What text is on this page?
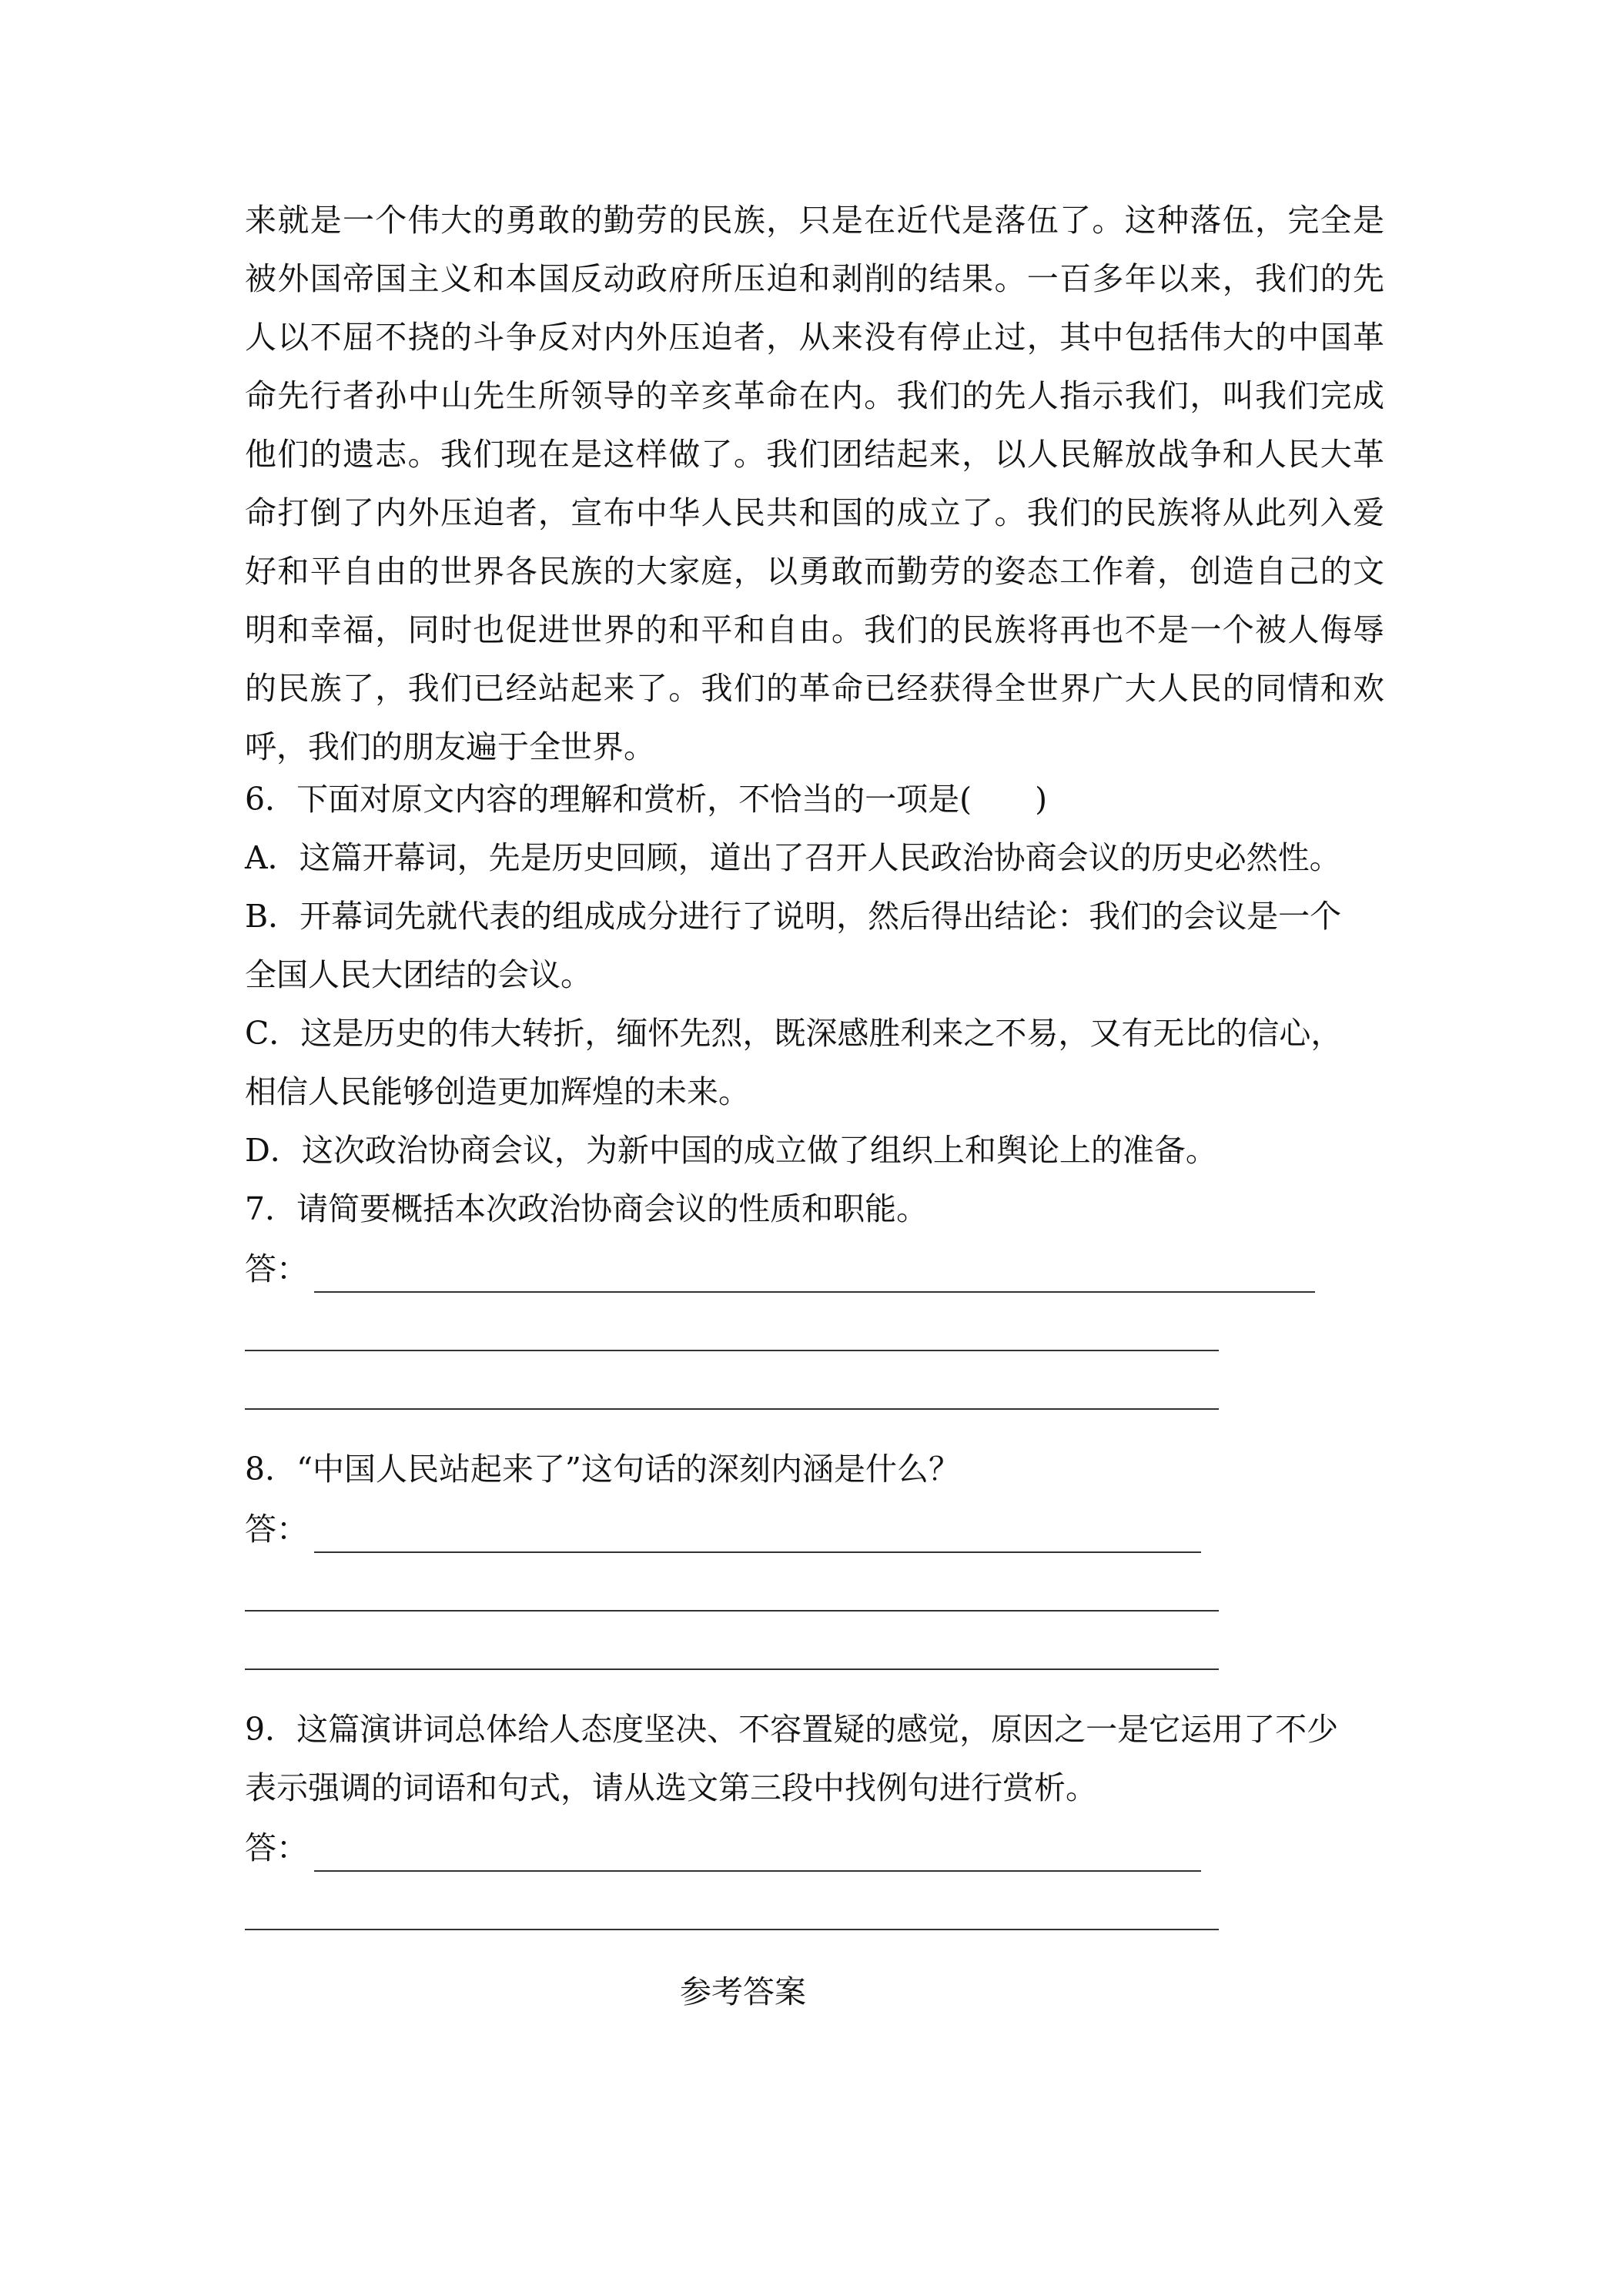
来就是一个伟大的勇敢的勤劳的民族，只是在近代是落伍了。这种落伍，完全是
被外国帝国主义和本国反动政府所压迫和剥削的结果。一百多年以来，我们的先
人以不屈不挠的斗争反对内外压迫者，从来没有停止过，其中包括伟大的中国革
命先行者孙中山先生所领导的辛亥革命在内。我们的先人指示我们，叫我们完成
他们的遗志。我们现在是这样做了。我们团结起来，以人民解放战争和人民大革
命打倒了内外压迫者，宣布中华人民共和国的成立了。我们的民族将从此列入爱
好和平自由的世界各民族的大家庭，以勇敢而勤劳的姿态工作着，创造自己的文
明和幸福，同时也促进世界的和平和自由。我们的民族将再也不是一个被人侮辱
的民族了，我们已经站起来了。我们的革命已经获得全世界广大人民的同情和欢
呼，我们的朋友遍于全世界。
6．下面对原文内容的理解和赏析，不恰当的一项是(　　)
A．这篇开幕词，先是历史回顾，道出了召开人民政治协商会议的历史必然性。
B．开幕词先就代表的组成成分进行了说明，然后得出结论：我们的会议是一个
全国人民大团结的会议。
C．这是历史的伟大转折，缅怀先烈，既深感胜利来之不易，又有无比的信心，
相信人民能够创造更加辉煌的未来。
D．这次政治协商会议，为新中国的成立做了组织上和舆论上的准备。
7．请简要概括本次政治协商会议的性质和职能。
答：
8．“中国人民站起来了”这句话的深刻内涵是什么？
答：
9．这篇演讲词总体给人态度坚决、不容置疑的感觉，原因之一是它运用了不少
表示强调的词语和句式，请从选文第三段中找例句进行赏析。
答：
参考答案
